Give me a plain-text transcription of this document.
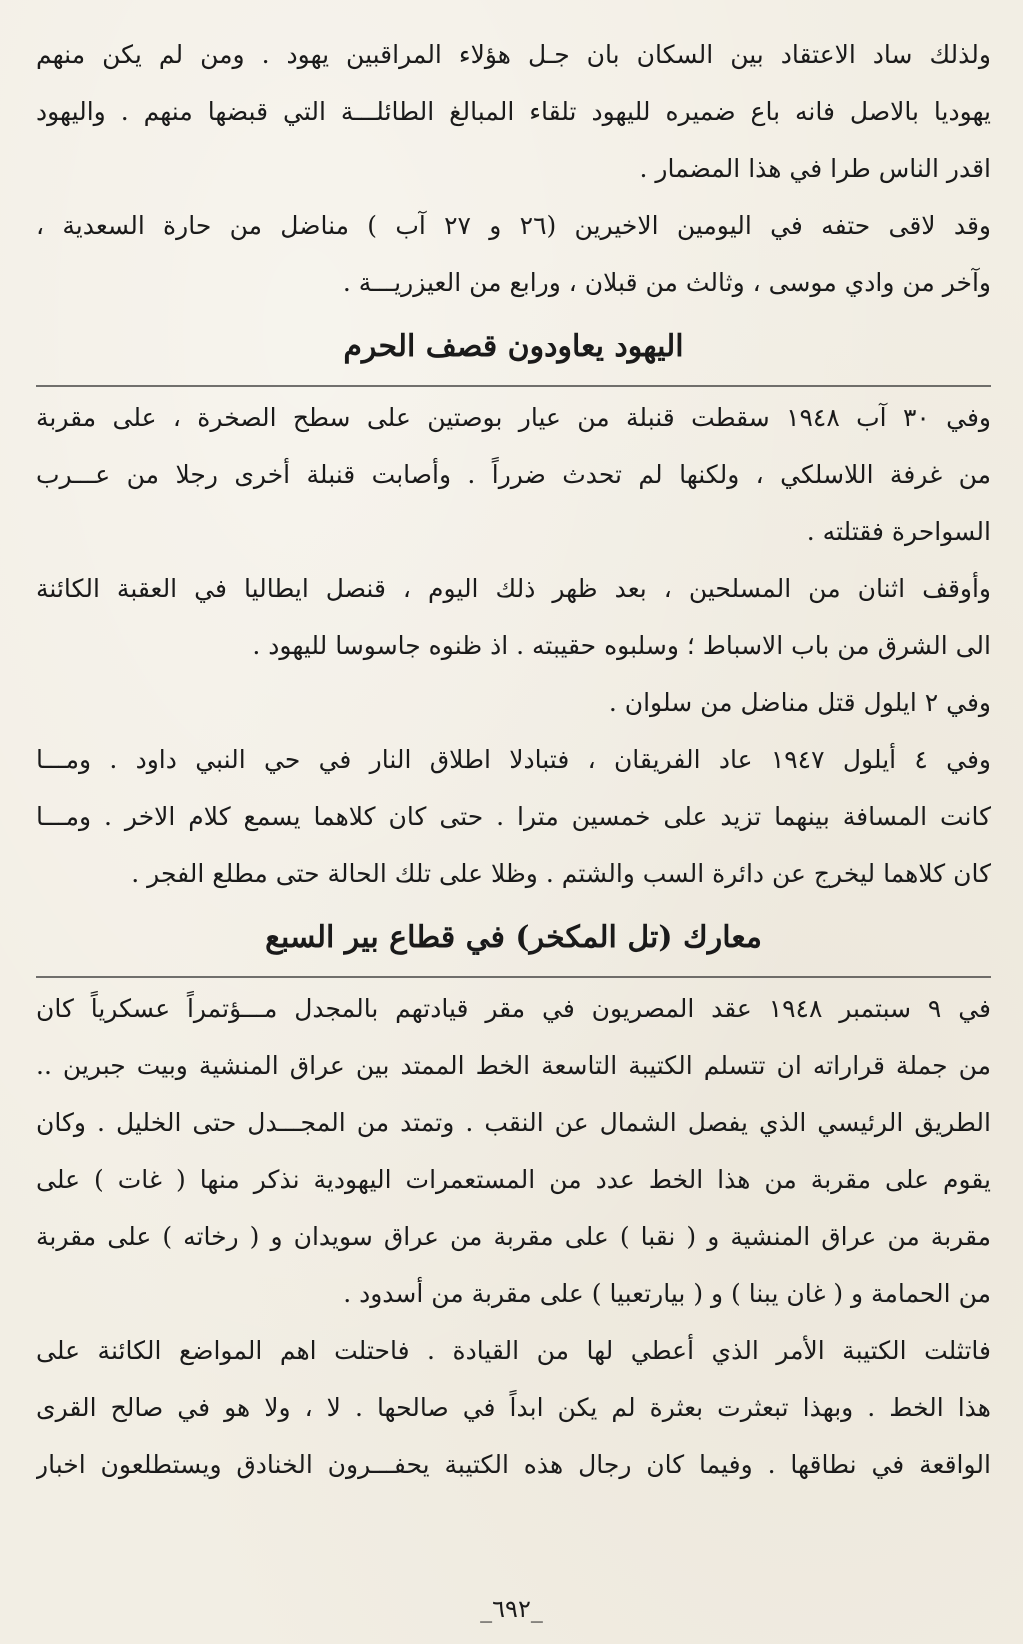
ولذلك ساد الاعتقاد بين السكان بان جـل هؤلاء المراقبين يهود . ومن لم يكن منهم
يهوديا بالاصل فانه باع ضميره لليهود تلقاء المبالغ الطائلـــة التي قبضها منهم . واليهود
اقدر الناس طرا في هذا المضمار .
وقد لاقى حتفه في اليومين الاخيرين (٢٦ و ٢٧ آب ) مناضل من حارة السعدية ،
وآخر من وادي موسى ، وثالث من قبلان ، ورابع من العيزريـــة .
اليهود يعاودون قصف الحرم
وفي ٣٠ آب ١٩٤٨ سقطت قنبلة من عيار بوصتين على سطح الصخرة ، على مقربة
من غرفة اللاسلكي ، ولكنها لم تحدث ضرراً . وأصابت قنبلة أخرى رجلا من عـــرب
السواحرة فقتلته .
وأوقف اثنان من المسلحين ، بعد ظهر ذلك اليوم ، قنصل ايطاليا في العقبة الكائنة
الى الشرق من باب الاسباط ؛ وسلبوه حقيبته . اذ ظنوه جاسوسا لليهود .
وفي ٢ ايلول قتل مناضل من سلوان .
وفي ٤ أيلول ١٩٤٧ عاد الفريقان ، فتبادلا اطلاق النار في حي النبي داود . ومـــا
كانت المسافة بينهما تزيد على خمسين مترا . حتى كان كلاهما يسمع كلام الاخر . ومـــا
كان كلاهما ليخرج عن دائرة السب والشتم . وظلا على تلك الحالة حتى مطلع الفجر .
معارك (تل المكخر) في قطاع بير السبع
في ٩ سبتمبر ١٩٤٨ عقد المصريون في مقر قيادتهم بالمجدل مـــؤتمراً عسكرياً كان
من جملة قراراته ان تتسلم الكتيبة التاسعة الخط الممتد بين عراق المنشية وبيت جبرين ..
الطريق الرئيسي الذي يفصل الشمال عن النقب . وتمتد من المجـــدل حتى الخليل . وكان
يقوم على مقربة من هذا الخط عدد من المستعمرات اليهودية نذكر منها ( غات ) على
مقربة من عراق المنشية و ( نقبا ) على مقربة من عراق سويدان و ( رخاته ) على مقربة
من الحمامة و ( غان يبنا ) و ( بيارتعبيا ) على مقربة من أسدود .
فاتثلت الكتيبة الأمر الذي أعطي لها من القيادة . فاحتلت اهم المواضع الكائنة على
هذا الخط . وبهذا تبعثرت بعثرة لم يكن ابداً في صالحها . لا ، ولا هو في صالح القرى
الواقعة في نطاقها . وفيما كان رجال هذه الكتيبة يحفـــرون الخنادق ويستطلعون اخبار
_٦٩٢_
